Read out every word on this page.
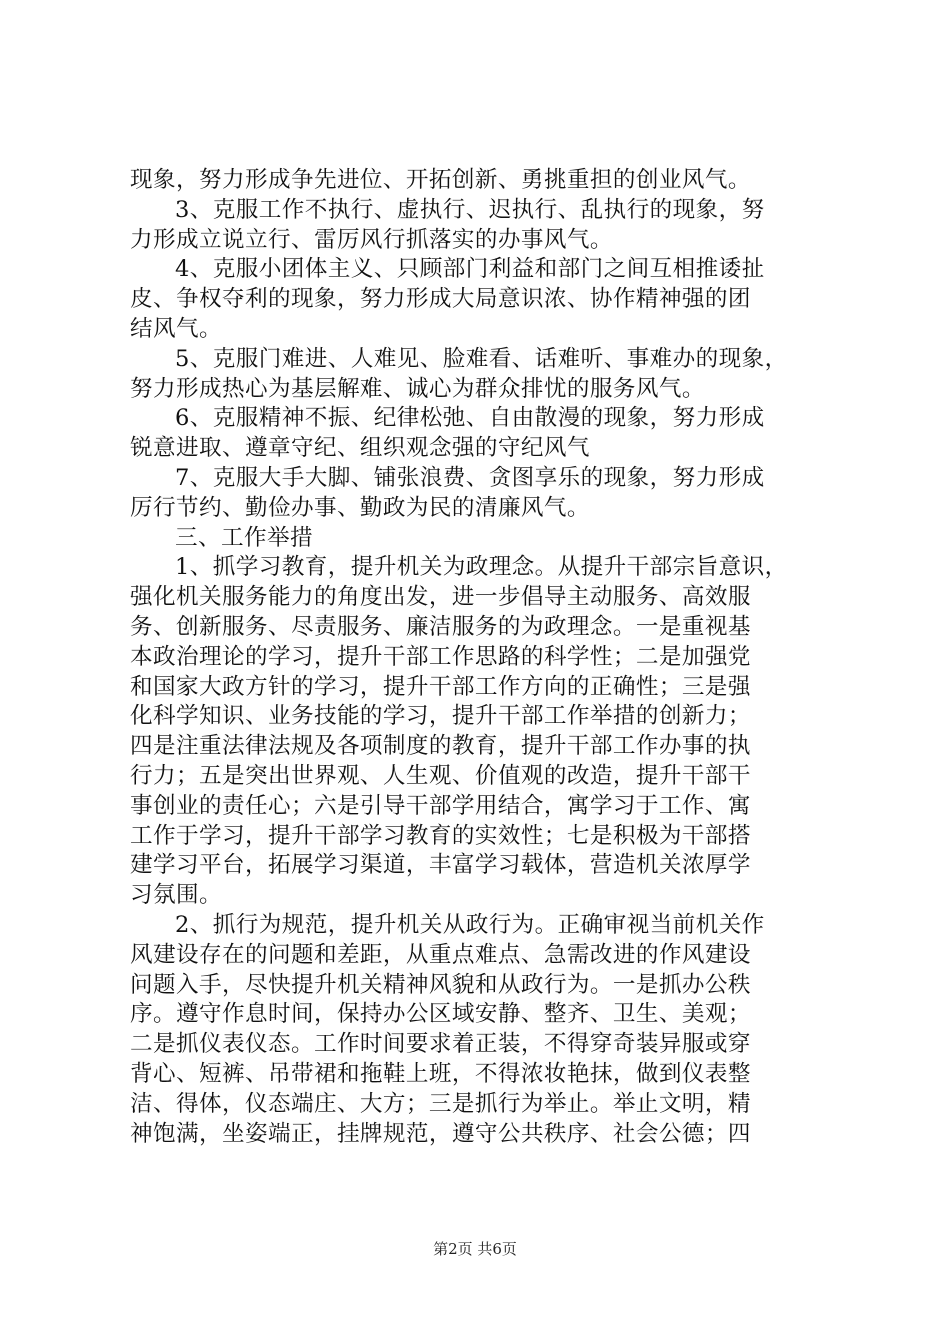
现象，努力形成争先进位、开拓创新、勇挑重担的创业风气。
3、克服工作不执行、虚执行、迟执行、乱执行的现象，努
力形成立说立行、雷厉风行抓落实的办事风气。
4、克服小团体主义、只顾部门利益和部门之间互相推诿扯
皮、争权夺利的现象，努力形成大局意识浓、协作精神强的团
结风气。
5、克服门难进、人难见、脸难看、话难听、事难办的现象，
努力形成热心为基层解难、诚心为群众排忧的服务风气。
6、克服精神不振、纪律松弛、自由散漫的现象，努力形成
锐意进取、遵章守纪、组织观念强的守纪风气
7、克服大手大脚、铺张浪费、贪图享乐的现象，努力形成
厉行节约、勤俭办事、勤政为民的清廉风气。
三、工作举措
1、抓学习教育，提升机关为政理念。从提升干部宗旨意识，
强化机关服务能力的角度出发，进一步倡导主动服务、高效服
务、创新服务、尽责服务、廉洁服务的为政理念。一是重视基
本政治理论的学习，提升干部工作思路的科学性；二是加强党
和国家大政方针的学习，提升干部工作方向的正确性；三是强
化科学知识、业务技能的学习，提升干部工作举措的创新力；
四是注重法律法规及各项制度的教育，提升干部工作办事的执
行力；五是突出世界观、人生观、价值观的改造，提升干部干
事创业的责任心；六是引导干部学用结合，寓学习于工作、寓
工作于学习，提升干部学习教育的实效性；七是积极为干部搭
建学习平台，拓展学习渠道，丰富学习载体，营造机关浓厚学
习氛围。
2、抓行为规范，提升机关从政行为。正确审视当前机关作
风建设存在的问题和差距，从重点难点、急需改进的作风建设
问题入手，尽快提升机关精神风貌和从政行为。一是抓办公秩
序。遵守作息时间，保持办公区域安静、整齐、卫生、美观；
二是抓仪表仪态。工作时间要求着正装，不得穿奇装异服或穿
背心、短裤、吊带裙和拖鞋上班，不得浓妆艳抹，做到仪表整
洁、得体，仪态端庄、大方；三是抓行为举止。举止文明，精
神饱满，坐姿端正，挂牌规范，遵守公共秩序、社会公德；四
第2页 共6页
